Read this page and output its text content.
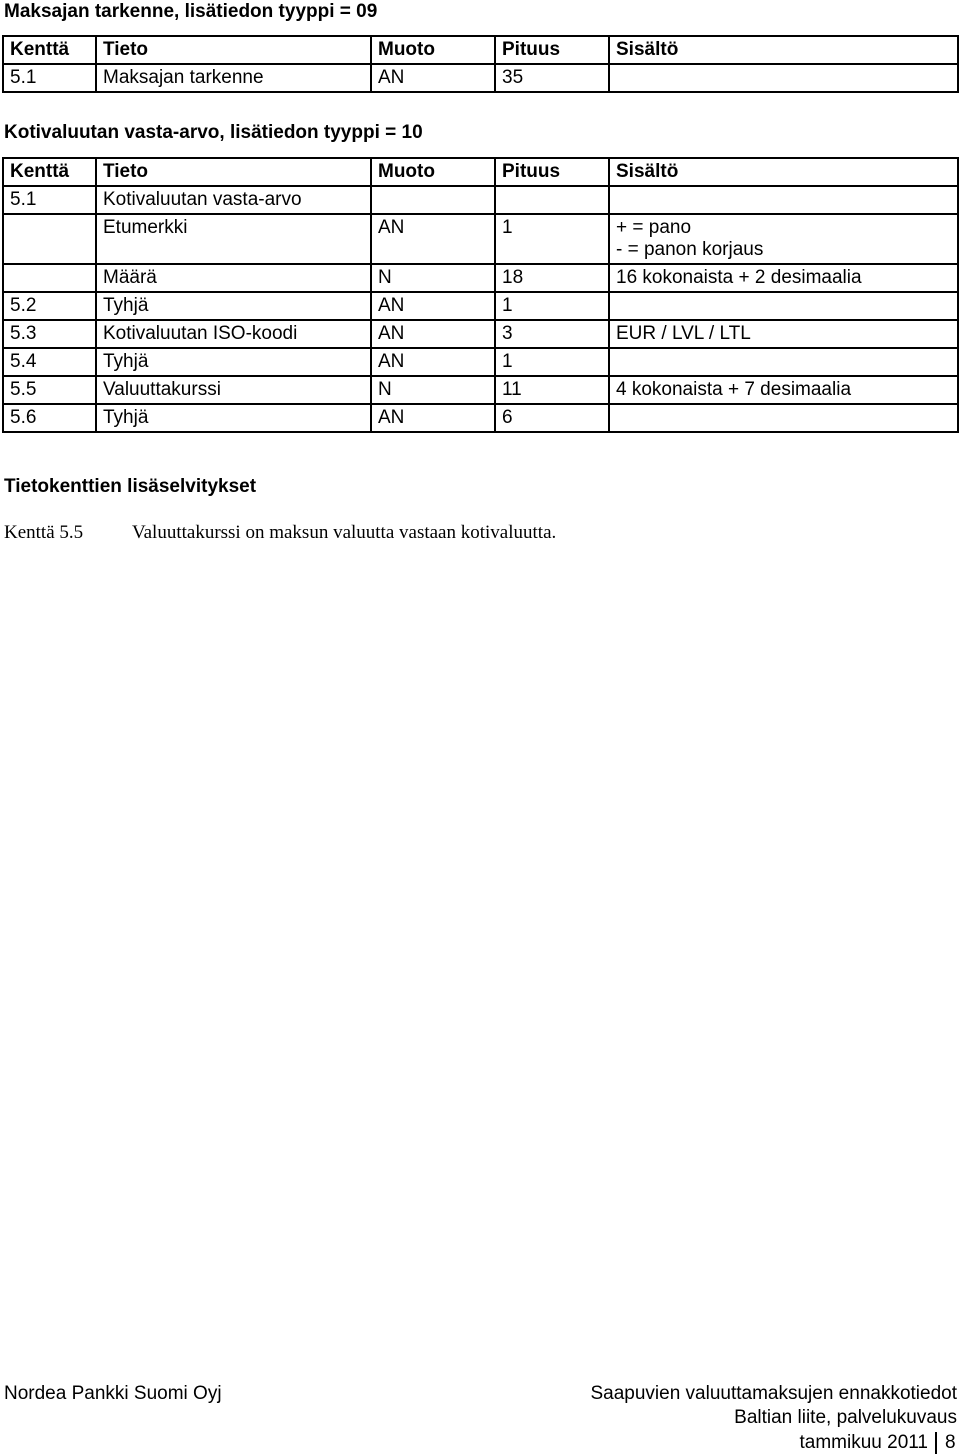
Maksajan tarkenne, lisätiedon tyyppi = 09
Kenttä	Tieto	Muoto	Pituus	Sisältö
5.1	Maksajan tarkenne	AN	35	
Kotivaluutan vasta-arvo, lisätiedon tyyppi = 10
Kenttä	Tieto	Muoto	Pituus	Sisältö
5.1	Kotivaluutan vasta-arvo			
	Etumerkki	AN	1	+ = pano
- = panon korjaus

	Määrä	N	18	16 kokonaista + 2 desimaalia
5.2	Tyhjä	AN	1	
5.3	Kotivaluutan ISO-koodi	AN	3	EUR / LVL / LTL
5.4	Tyhjä	AN	1	
5.5	Valuuttakurssi	N	11	4 kokonaista + 7 desimaalia
5.6	Tyhjä	AN	6	
Tietokenttien lisäselvitykset
Kenttä 5.5	Valuuttakurssi on maksun valuutta vastaan kotivaluutta.
Nordea Pankki Suomi Oyj	Saapuvien valuuttamaksujen ennakkotiedot
Baltian liite, palvelukuvaus
tammikuu 2011 8
